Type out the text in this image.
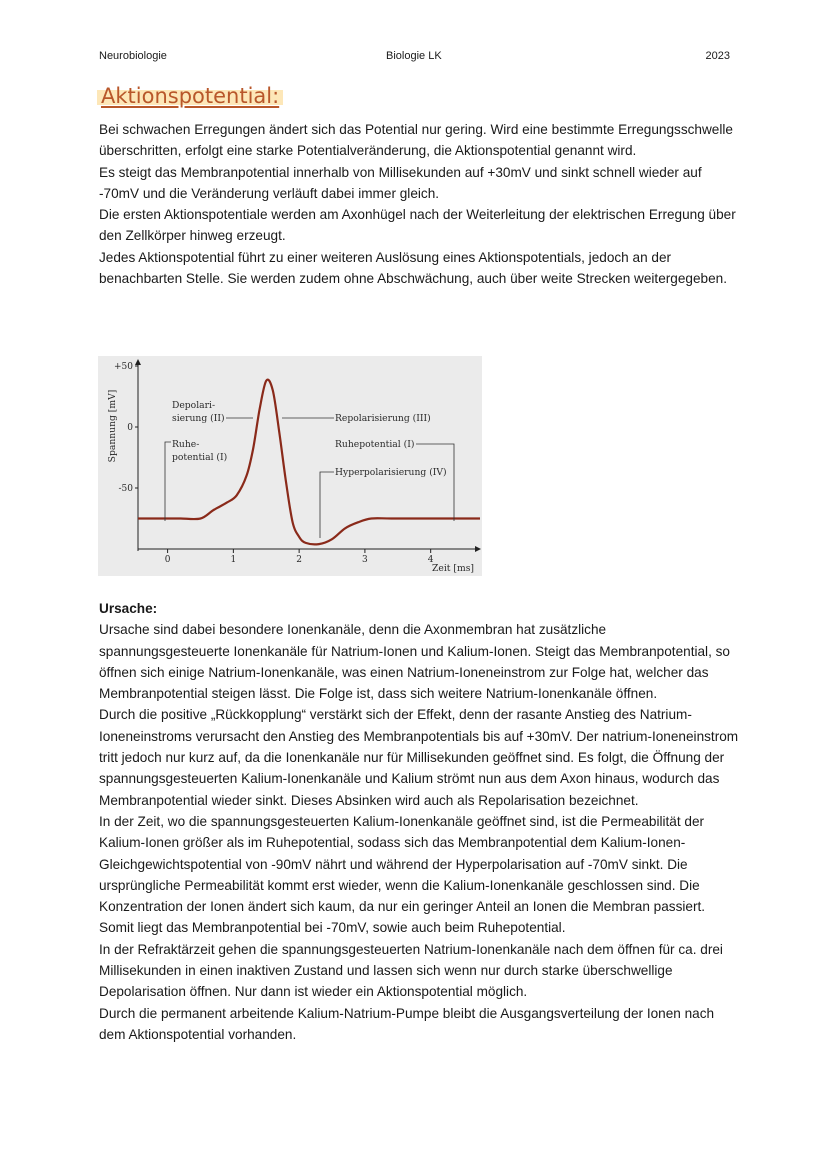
Neurobiologie	Biologie LK	2023
Aktionspotential:

Bei schwachen Erregungen ändert sich das Potential nur gering. Wird eine bestimmte Erregungsschwelle überschritten, erfolgt eine starke Potentialveränderung, die Aktionspotential genannt wird.

Es steigt das Membranpotential innerhalb von Millisekunden auf +30mV und sinkt schnell wieder auf -70mV und die Veränderung verläuft dabei immer gleich.

Die ersten Aktionspotentiale werden am Axonhügel nach der Weiterleitung der elektrischen Erregung über den Zellkörper hinweg erzeugt.

Jedes Aktionspotential führt zu einer weiteren Auslösung eines Aktionspotentials, jedoch an der benachbarten Stelle. Sie werden zudem ohne Abschwächung, auch über weite Strecken weitergegeben.

0	1	2	3	4
+50
0
-50
Spannung [mV]
Zeit [ms]
Depolari-
sierung (II)	Repolarisierung (III)
Ruhe-
potential (I)
Ruhepotential (I)
Hyperpolarisierung (IV)

Ursache:

Ursache sind dabei besondere Ionenkanäle, denn die Axonmembran hat zusätzliche spannungsgesteuerte Ionenkanäle für Natrium-Ionen und Kalium-Ionen. Steigt das Membranpotential, so öffnen sich einige Natrium-Ionenkanäle, was einen Natrium-Ioneneinstrom zur Folge hat, welcher das Membranpotential steigen lässt. Die Folge ist, dass sich weitere Natrium-Ionenkanäle öffnen.

Durch die positive „Rückkopplung“ verstärkt sich der Effekt, denn der rasante Anstieg des Natrium-Ioneneinstroms verursacht den Anstieg des Membranpotentials bis auf +30mV. Der natrium-Ioneneinstrom tritt jedoch nur kurz auf, da die Ionenkanäle nur für Millisekunden geöffnet sind. Es folgt, die Öffnung der spannungsgesteuerten Kalium-Ionenkanäle und Kalium strömt nun aus dem Axon hinaus, wodurch das Membranpotential wieder sinkt. Dieses Absinken wird auch als Repolarisation bezeichnet.

In der Zeit, wo die spannungsgesteuerten Kalium-Ionenkanäle geöffnet sind, ist die Permeabilität der Kalium-Ionen größer als im Ruhepotential, sodass sich das Membranpotential dem Kalium-Ionen-Gleichgewichtspotential von -90mV nährt und während der Hyperpolarisation auf -70mV sinkt. Die ursprüngliche Permeabilität kommt erst wieder, wenn die Kalium-Ionenkanäle geschlossen sind. Die Konzentration der Ionen ändert sich kaum, da nur ein geringer Anteil an Ionen die Membran passiert. Somit liegt das Membranpotential bei -70mV, sowie auch beim Ruhepotential.

In der Refraktärzeit gehen die spannungsgesteuerten Natrium-Ionenkanäle nach dem öffnen für ca. drei Millisekunden in einen inaktiven Zustand und lassen sich wenn nur durch starke überschwellige Depolarisation öffnen. Nur dann ist wieder ein Aktionspotential möglich.

Durch die permanent arbeitende Kalium-Natrium-Pumpe bleibt die Ausgangsverteilung der Ionen nach dem Aktionspotential vorhanden.
